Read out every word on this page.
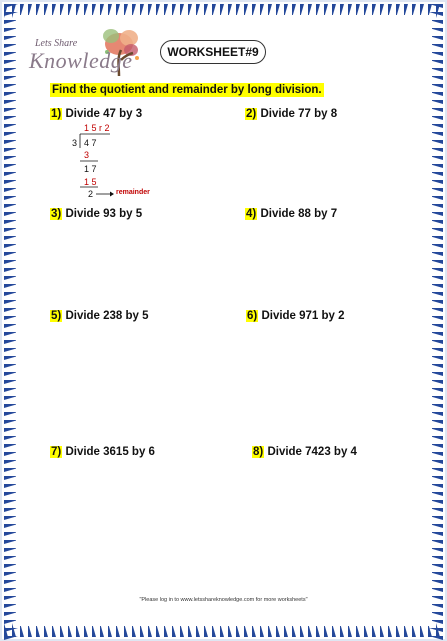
Lets Share
Knowledge	WORKSHEET#9
Find the quotient and remainder by long division.
1) Divide 47 by 3	2) Divide 77 by 8
3) Divide 93 by 5	4) Divide 88 by 7
5) Divide 238 by 5	6) Divide 971 by 2
7) Divide 3615 by 6	8) Divide 7423 by 4
1 5 r 2
3 4 7
3
1 7
1 5
2	remainder
"Please log in to www.letsshareknowledge.com for more worksheets"
